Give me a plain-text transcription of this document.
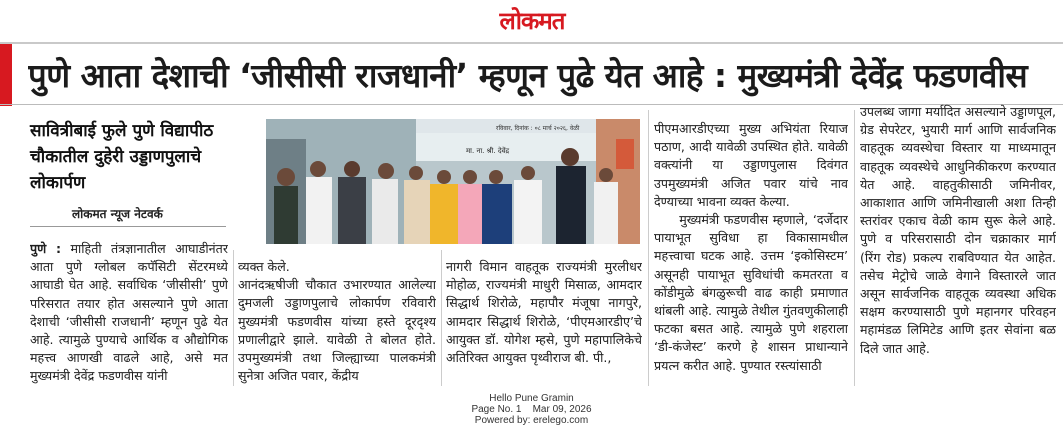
लोकमत
पुणे आता देशाची ‘जीसीसी राजधानी’ म्हणून पुढे येत आहे : मुख्यमंत्री देवेंद्र फडणवीस
सावित्रीबाई फुले पुणे विद्यापीठ चौकातील दुहेरी उड्डाणपुलाचे लोकार्पण
लोकमत न्यूज नेटवर्क
रविवार, दिनांक : ०८ मार्च २०२६, वेळी
मा. ना. श्री. देवेंद्र

पुणे : माहिती तंत्रज्ञानातील आघाडीनंतर आता पुणे ग्लोबल कपॅसिटी सेंटरमध्ये आघाडी घेत आहे. सर्वाधिक ‘जीसीसी’ पुणे परिसरात तयार होत असल्याने पुणे आता देशाची ‘जीसीसी राजधानी’ म्हणून पुढे येत आहे. त्यामुळे पुण्याचे आर्थिक व औद्योगिक महत्त्व आणखी वाढले आहे, असे मत मुख्यमंत्री देवेंद्र फडणवीस यांनी

व्यक्त केले.
आनंदऋषीजी चौकात उभारण्यात आलेल्या दुमजली उड्डाणपुलाचे लोकार्पण रविवारी मुख्यमंत्री फडणवीस यांच्या हस्ते दूरदृश्य प्रणालीद्वारे झाले. यावेळी ते बोलत होते. उपमुख्यमंत्री तथा जिल्ह्याच्या पालकमंत्री सुनेत्रा अजित पवार, केंद्रीय

नागरी विमान वाहतूक राज्यमंत्री मुरलीधर मोहोळ, राज्यमंत्री माधुरी मिसाळ, आमदार सिद्धार्थ शिरोळे, महापौर मंजूषा नागपुरे, आमदार सिद्धार्थ शिरोळे, ‘पीएमआरडीए’चे आयुक्त डॉ. योगेश म्हसे, पुणे महापालिकेचे अतिरिक्त आयुक्त पृथ्वीराज बी. पी.,

पीएमआरडीएच्या मुख्य अभियंता रियाज पठाण, आदी यावेळी उपस्थित होते. यावेळी वक्त्यांनी या उड्डाणपुलास दिवंगत उपमुख्यमंत्री अजित पवार यांचे नाव देण्याच्या भावना व्यक्त केल्या.

मुख्यमंत्री फडणवीस म्हणाले, ‘दर्जेदार पायाभूत सुविधा हा विकासामधील महत्त्वाचा घटक आहे. उत्तम ‘इकोसिस्टम’ असूनही पायाभूत सुविधांची कमतरता व कोंडीमुळे बंगळुरूची वाढ काही प्रमाणात थांबली आहे. त्यामुळे तेथील गुंतवणुकीलाही फटका बसत आहे. त्यामुळे पुणे शहराला ‘डी-कंजेस्ट’ करणे हे शासन प्राधान्याने प्रयत्न करीत आहे. पुण्यात रस्त्यांसाठी

उपलब्ध जागा मर्यादित असल्याने उड्डाणपूल, ग्रेड सेपरेटर, भुयारी मार्ग आणि सार्वजनिक वाहतूक व्यवस्थेचा विस्तार या माध्यमातून वाहतूक व्यवस्थेचे आधुनिकीकरण करण्यात येत आहे. वाहतुकीसाठी जमिनीवर, आकाशात आणि जमिनीखाली अशा तिन्ही स्तरांवर एकाच वेळी काम सुरू केले आहे. पुणे व परिसरासाठी दोन चक्राकार मार्ग (रिंग रोड) प्रकल्प राबविण्यात येत आहेत. तसेच मेट्रोचे जाळे वेगाने विस्तारले जात असून सार्वजनिक वाहतूक व्यवस्था अधिक सक्षम करण्यासाठी पुणे महानगर परिवहन महामंडळ लिमिटेड आणि इतर सेवांना बळ दिले जात आहे.

Hello Pune Gramin
Page No. 1    Mar 09, 2026
Powered by: erelego.com
